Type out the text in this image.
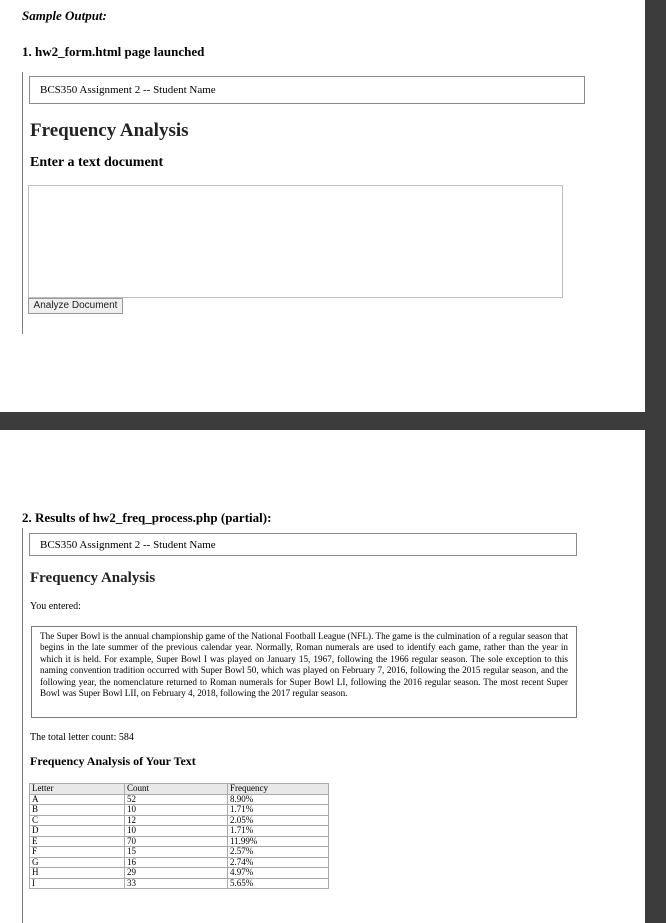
Sample Output:
1. hw2_form.html page launched
BCS350 Assignment 2 -- Student Name
Frequency Analysis
Enter a text document
Analyze Document
2. Results of hw2_freq_process.php (partial):
BCS350 Assignment 2 -- Student Name
Frequency Analysis
You entered:
The Super Bowl is the annual championship game of the National Football League (NFL). The game is the culmination of a regular season that begins in the late summer of the previous calendar year. Normally, Roman numerals are used to identify each game, rather than the year in which it is held. For example, Super Bowl I was played on January 15, 1967, following the 1966 regular season. The sole exception to this naming convention tradition occurred with Super Bowl 50, which was played on February 7, 2016, following the 2015 regular season, and the following year, the nomenclature returned to Roman numerals for Super Bowl LI, following the 2016 regular season. The most recent Super Bowl was Super Bowl LII, on February 4, 2018, following the 2017 regular season.
The total letter count: 584
Frequency Analysis of Your Text
Letter	Count	Frequency
A	52	8.90%
B	10	1.71%
C	12	2.05%
D	10	1.71%
E	70	11.99%
F	15	2.57%
G	16	2.74%
H	29	4.97%
I	33	5.65%
